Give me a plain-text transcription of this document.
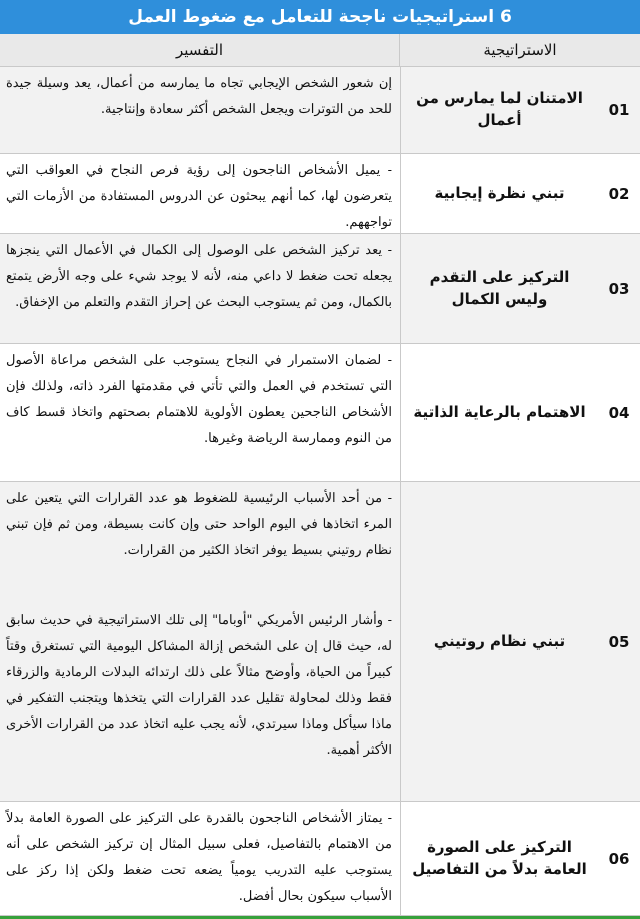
6 استراتيجيات ناجحة للتعامل مع ضغوط العمل
الاستراتيجية
التفسير
01
الامتنان لما يمارس من أعمال

إن شعور الشخص الإيجابي تجاه ما يمارسه من أعمال، يعد وسيلة جيدة للحد من التوترات ويجعل الشخص أكثر سعادة وإنتاجية.

02
تبني نظرة إيجابية

- يميل الأشخاص الناجحون إلى رؤية فرص النجاح في العواقب التي يتعرضون لها، كما أنهم يبحثون عن الدروس المستفادة من الأزمات التي تواجههم.

03
التركيز على التقدم وليس الكمال

- يعد تركيز الشخص على الوصول إلى الكمال في الأعمال التي ينجزها يجعله تحت ضغط لا داعي منه، لأنه لا يوجد شيء على وجه الأرض يتمتع بالكمال، ومن ثم يستوجب البحث عن إحراز التقدم والتعلم من الإخفاق.

04
الاهتمام بالرعاية الذاتية

- لضمان الاستمرار في النجاح يستوجب على الشخص مراعاة الأصول التي تستخدم في العمل والتي تأتي في مقدمتها الفرد ذاته، ولذلك فإن الأشخاص الناجحين يعطون الأولوية للاهتمام بصحتهم واتخاذ قسط كاف من النوم وممارسة الرياضة وغيرها.

05
تبني نظام روتيني

- من أحد الأسباب الرئيسية للضغوط هو عدد القرارات التي يتعين على المرء اتخاذها في اليوم الواحد حتى وإن كانت بسيطة، ومن ثم فإن تبني نظام روتيني بسيط يوفر اتخاذ الكثير من القرارات.

- وأشار الرئيس الأمريكي "أوباما" إلى تلك الاستراتيجية في حديث سابق له، حيث قال إن على الشخص إزالة المشاكل اليومية التي تستغرق وقتاً كبيراً من الحياة، وأوضح مثالاً على ذلك ارتدائه البدلات الرمادية والزرقاء فقط وذلك لمحاولة تقليل عدد القرارات التي يتخذها ويتجنب التفكير في ماذا سيأكل وماذا سيرتدي، لأنه يجب عليه اتخاذ عدد من القرارات الأخرى الأكثر أهمية.

06
التركيز على الصورة العامة بدلاً من التفاصيل

- يمتاز الأشخاص الناجحون بالقدرة على التركيز على الصورة العامة بدلاً من الاهتمام بالتفاصيل، فعلى سبيل المثال إن تركيز الشخص على أنه يستوجب عليه التدريب يومياً يضعه تحت ضغط ولكن إذا ركز على الأسباب سيكون بحال أفضل.
